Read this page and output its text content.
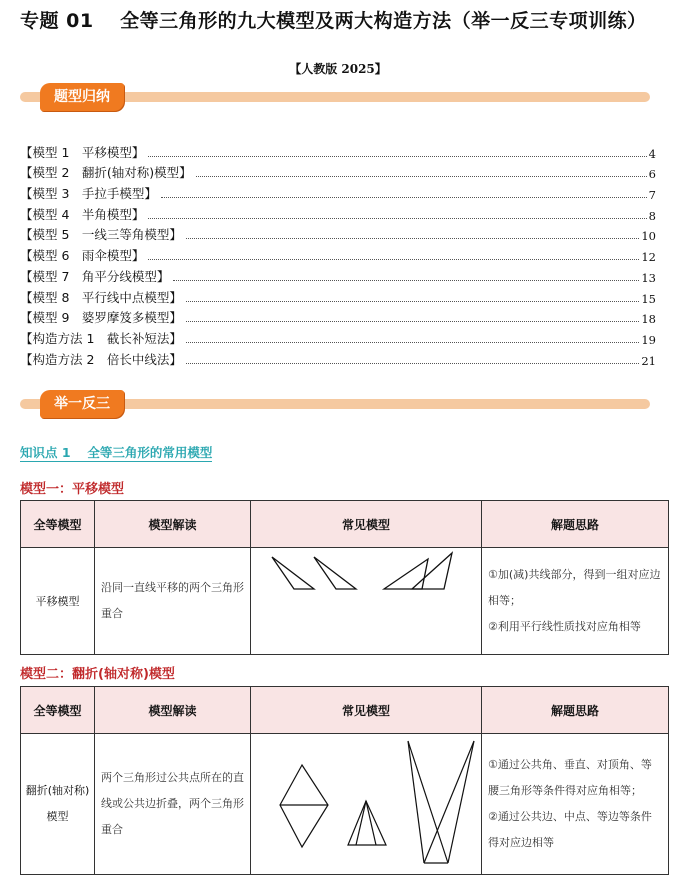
专题 01　 全等三角形的九大模型及两大构造方法（举一反三专项训练）
【人教版 2025】
题型归纳
【模型 1　平移模型】	4
【模型 2　翻折(轴对称)模型】	6
【模型 3　手拉手模型】	7
【模型 4　半角模型】	8
【模型 5　一线三等角模型】	10
【模型 6　雨伞模型】	12
【模型 7　角平分线模型】	13
【模型 8　平行线中点模型】	15
【模型 9　婆罗摩笈多模型】	18
【构造方法 1　截长补短法】	19
【构造方法 2　倍长中线法】	21
举一反三
知识点 1　 全等三角形的常用模型
模型一：平移模型
全等模型	模型解读	常见模型	解题思路
平移模型	沿同一直线平移的两个三角形重合		①加(减)共线部分，得到一组对应边相等；
②利用平行线性质找对应角相等
模型二：翻折(轴对称)模型
全等模型	模型解读	常见模型	解题思路
翻折(轴对称)模型	两个三角形过公共点所在的直线或公共边折叠，两个三角形重合		①通过公共角、垂直、对顶角、等腰三角形等条件得对应角相等；
②通过公共边、中点、等边等条件得对应边相等
